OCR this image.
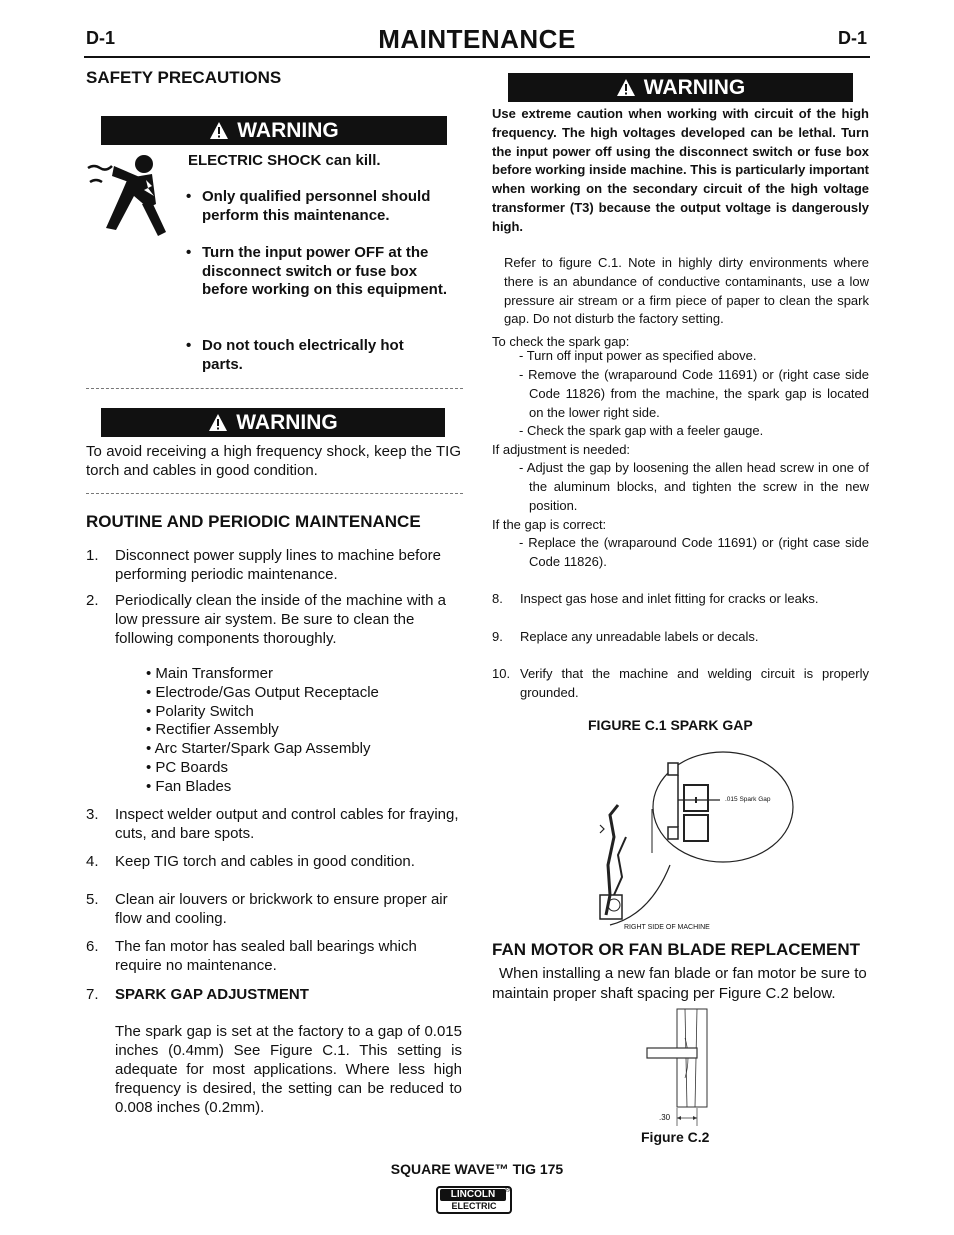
D-1	MAINTENANCE	D-1
SAFETY PRECAUTIONS
WARNING
ELECTRIC SHOCK can kill.
• Only qualified personnel should perform this maintenance.
• Turn the input power OFF at the disconnect switch or fuse box before working on this equipment.
• Do not touch electrically hot parts.
WARNING

To avoid receiving a high frequency shock, keep the TIG torch and cables in good condition.

ROUTINE AND PERIODIC MAINTENANCE
1. Disconnect power supply lines to machine before performing periodic maintenance.
2. Periodically clean the inside of the machine with a low pressure air system. Be sure to clean the following components thoroughly.
3. Inspect welder output and control cables for fraying, cuts, and bare spots.
4. Keep TIG torch and cables in good condition.
5. Clean air louvers or brickwork to ensure proper air flow and cooling.
6. The fan motor has sealed ball bearings which require no maintenance.
7. SPARK GAP ADJUSTMENT
• Main Transformer
• Electrode/Gas Output Receptacle
• Polarity Switch
• Rectifier Assembly
• Arc Starter/Spark Gap Assembly
• PC Boards
• Fan Blades

The spark gap is set at the factory to a gap of 0.015 inches (0.4mm) See Figure C.1. This setting is adequate for most applications. Where less high frequency is desired, the setting can be reduced to 0.008 inches (0.2mm).

WARNING

Use extreme caution when working with circuit of the high frequency. The high voltages developed can be lethal. Turn the input power off using the disconnect switch or fuse box before working inside machine. This is particularly important when working on the secondary circuit of the high voltage transformer (T3) because the output voltage is dangerously high.

Refer to figure C.1. Note in highly dirty environments where there is an abundance of conductive contaminants, use a low pressure air stream or a firm piece of paper to clean the spark gap. Do not disturb the factory setting.

To check the spark gap:
- Turn off input power as specified above.
- Remove the (wraparound Code 11691) or (right case side Code 11826) from the machine, the spark gap is located on the lower right side.
- Check the spark gap with a feeler gauge.
If adjustment is needed:
- Adjust the gap by loosening the allen head screw in one of the aluminum blocks, and tighten the screw in the new position.
If the gap is correct:
- Replace the (wraparound Code 11691) or (right case side Code 11826).
8. Inspect gas hose and inlet fitting for cracks or leaks.
9. Replace any unreadable labels or decals.
10. Verify that the machine and welding circuit is properly grounded.
FIGURE C.1 SPARK GAP
.015 Spark Gap
RIGHT SIDE OF MACHINE
FAN MOTOR OR FAN BLADE REPLACEMENT

When installing a new fan blade or fan motor be sure to maintain proper shaft spacing per Figure C.2 below.

.30
Figure C.2
SQUARE WAVE™ TIG 175
LINCOLN	®
ELECTRIC
